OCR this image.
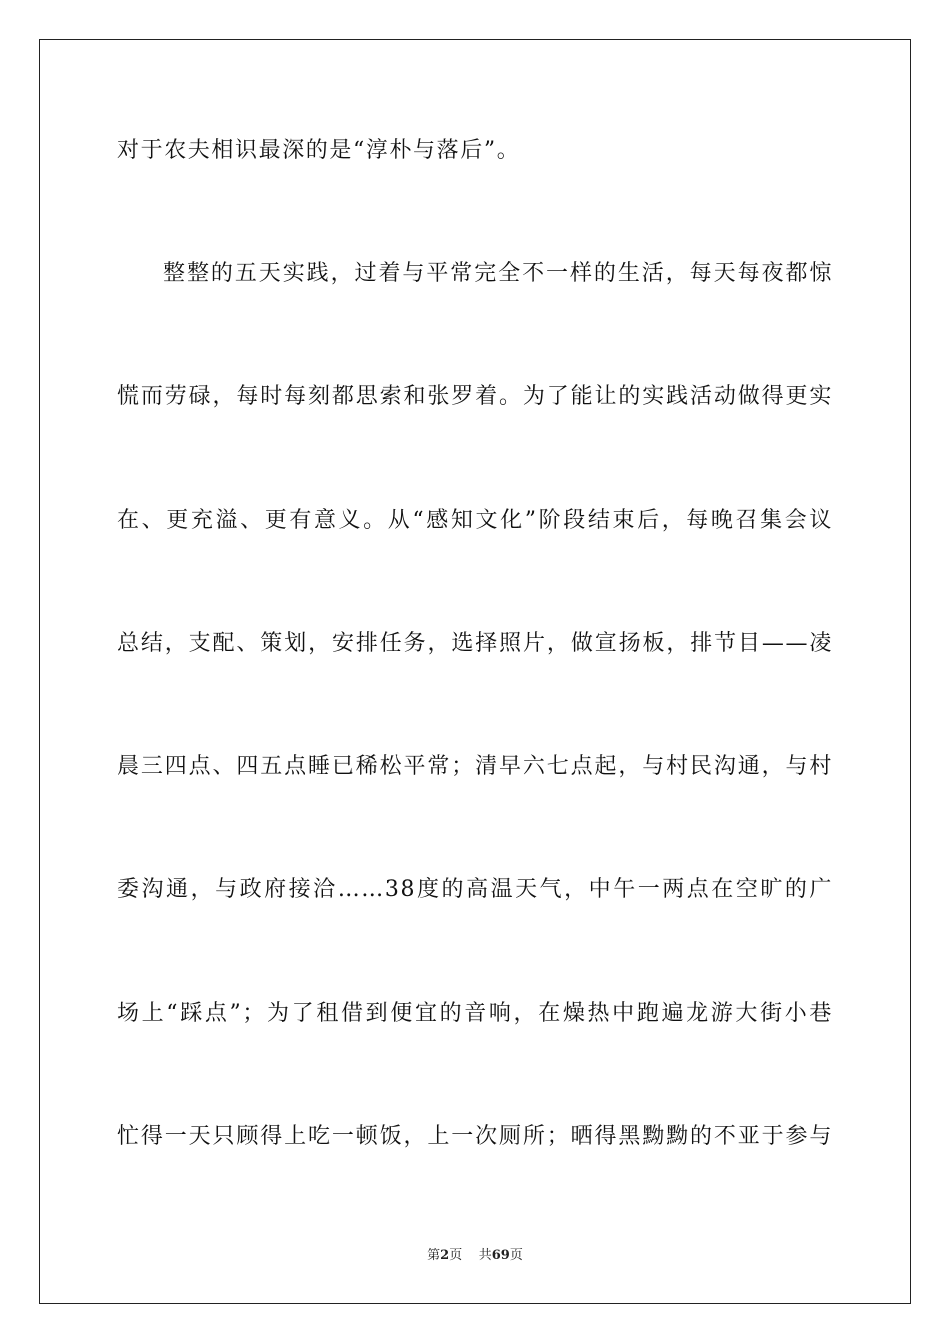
对于农夫相识最深的是“淳朴与落后”。
整整的五天实践，过着与平常完全不一样的生活，每天每夜都惊
慌而劳碌，每时每刻都思索和张罗着。为了能让的实践活动做得更实
在、更充溢、更有意义。从“感知文化”阶段结束后，每晚召集会议
总结，支配、策划，安排任务，选择照片，做宣扬板，排节目——凌
晨三四点、四五点睡已稀松平常；清早六七点起，与村民沟通，与村
委沟通，与政府接洽……38度的高温天气，中午一两点在空旷的广
场上“踩点”；为了租借到便宜的音响，在燥热中跑遍龙游大街小巷
忙得一天只顾得上吃一顿饭，上一次厕所；晒得黑黝黝的不亚于参与
第2页 共69页
